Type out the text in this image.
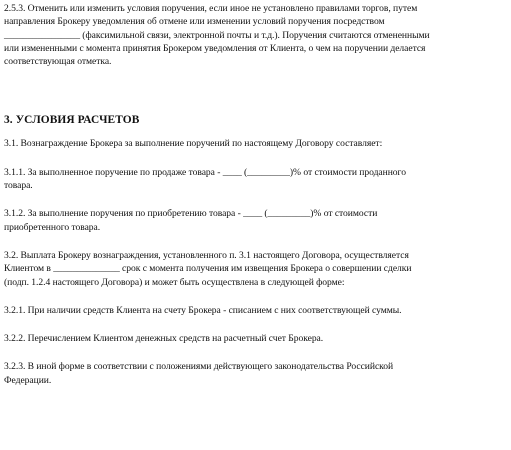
2.5.3. Отменить или изменить условия поручения, если иное не установлено правилами торгов, путем

направления Брокеру уведомления об отмене или изменении условий поручения посредством

________________ (факсимильной связи, электронной почты и т.д.). Поручения считаются отмененными

или измененными с момента принятия Брокером уведомления от Клиента, о чем на поручении делается

соответствующая отметка.

3. УСЛОВИЯ РАСЧЕТОВ

3.1. Вознаграждение Брокера за выполнение поручений по настоящему Договору составляет:

3.1.1. За выполненное поручение по продаже товара - ____ (_________)% от стоимости проданного

товара.

3.1.2. За выполнение поручения по приобретению товара - ____ (_________)% от стоимости

приобретенного товара.

3.2. Выплата Брокеру вознаграждения, установленного п. 3.1 настоящего Договора, осуществляется

Клиентом в ______________ срок с момента получения им извещения Брокера о совершении сделки

(подп. 1.2.4 настоящего Договора) и может быть осуществлена в следующей форме:

3.2.1. При наличии средств Клиента на счету Брокера - списанием с них соответствующей суммы.

3.2.2. Перечислением Клиентом денежных средств на расчетный счет Брокера.

3.2.3. В иной форме в соответствии с положениями действующего законодательства Российской

Федерации.
